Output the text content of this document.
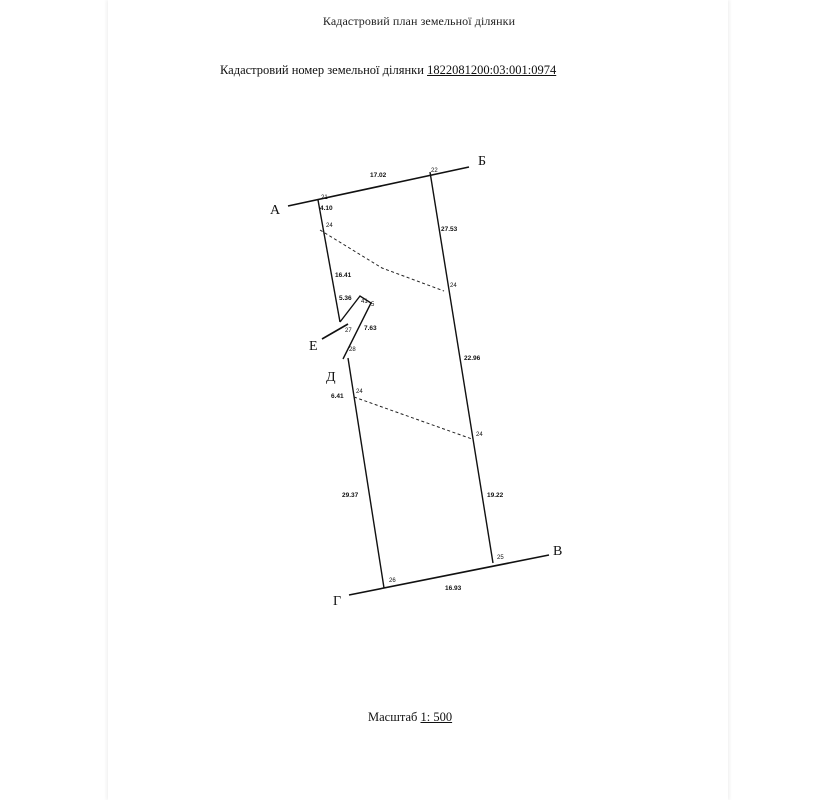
Кадастровий план земельної ділянки
Кадастровий номер земельної ділянки 1822081200:03:001:0974
А
Б
В
Г
Д
Е
17.02
27.53
22.96
19.22
16.93
4.10
16.41
5.36
7.63
6.41
29.37
21
22
24
24
24
24
25
26
27
28
41 5
Масштаб 1: 500
